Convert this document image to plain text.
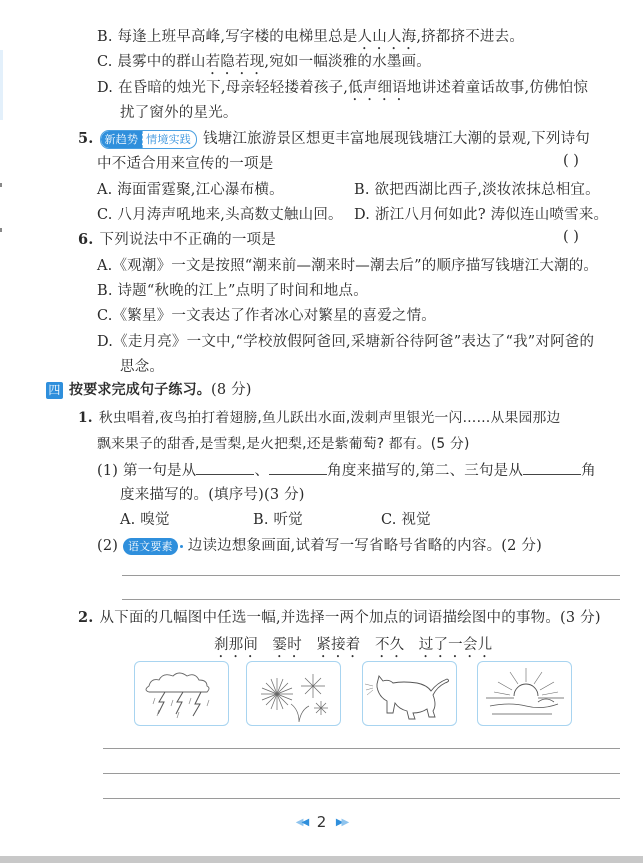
B. 每逢上班早高峰,写字楼的电梯里总是人山人海,挤都挤不进去。
C. 晨雾中的群山若隐若现,宛如一幅淡雅的水墨画。
D. 在昏暗的烛光下,母亲轻轻搂着孩子,低声细语地讲述着童话故事,仿佛怕惊
扰了窗外的星光。
5.	新趋势 情境实践 钱塘江旅游景区想更丰富地展现钱塘江大潮的景观,下列诗句
中不适合用来宣传的一项是	( )
A. 海面雷霆聚,江心瀑布横。	B. 欲把西湖比西子,淡妆浓抹总相宜。
C. 八月涛声吼地来,头高数丈触山回。 D. 浙江八月何如此? 涛似连山喷雪来。
6. 下列说法中不正确的一项是	( )
A.《观潮》一文是按照“潮来前—潮来时—潮去后”的顺序描写钱塘江大潮的。
B. 诗题“秋晚的江上”点明了时间和地点。
C.《繁星》一文表达了作者冰心对繁星的喜爱之情。
D.《走月亮》一文中,“学校放假阿爸回,采塘新谷待阿爸”表达了“我”对阿爸的
思念。
四 按要求完成句子练习。(8 分)
1. 秋虫唱着,夜鸟拍打着翅膀,鱼儿跃出水面,泼刺声里银光一闪……从果园那边
飘来果子的甜香,是雪梨,是火把梨,还是紫葡萄? 都有。(5 分)
(1) 第一句是从	、	角度来描写的,第二、三句是从	角
度来描写的。(填序号)(3 分)
A. 嗅觉	B. 听觉	C. 视觉
(2) 语文要素 边读边想象画面,试着写一写省略号省略的内容。(2 分)
2. 从下面的几幅图中任选一幅,并选择一两个加点的词语描绘图中的事物。(3 分)
刹那间 霎时 紧接着 不久 过了一会儿
◀◀ 2 ▶▶
